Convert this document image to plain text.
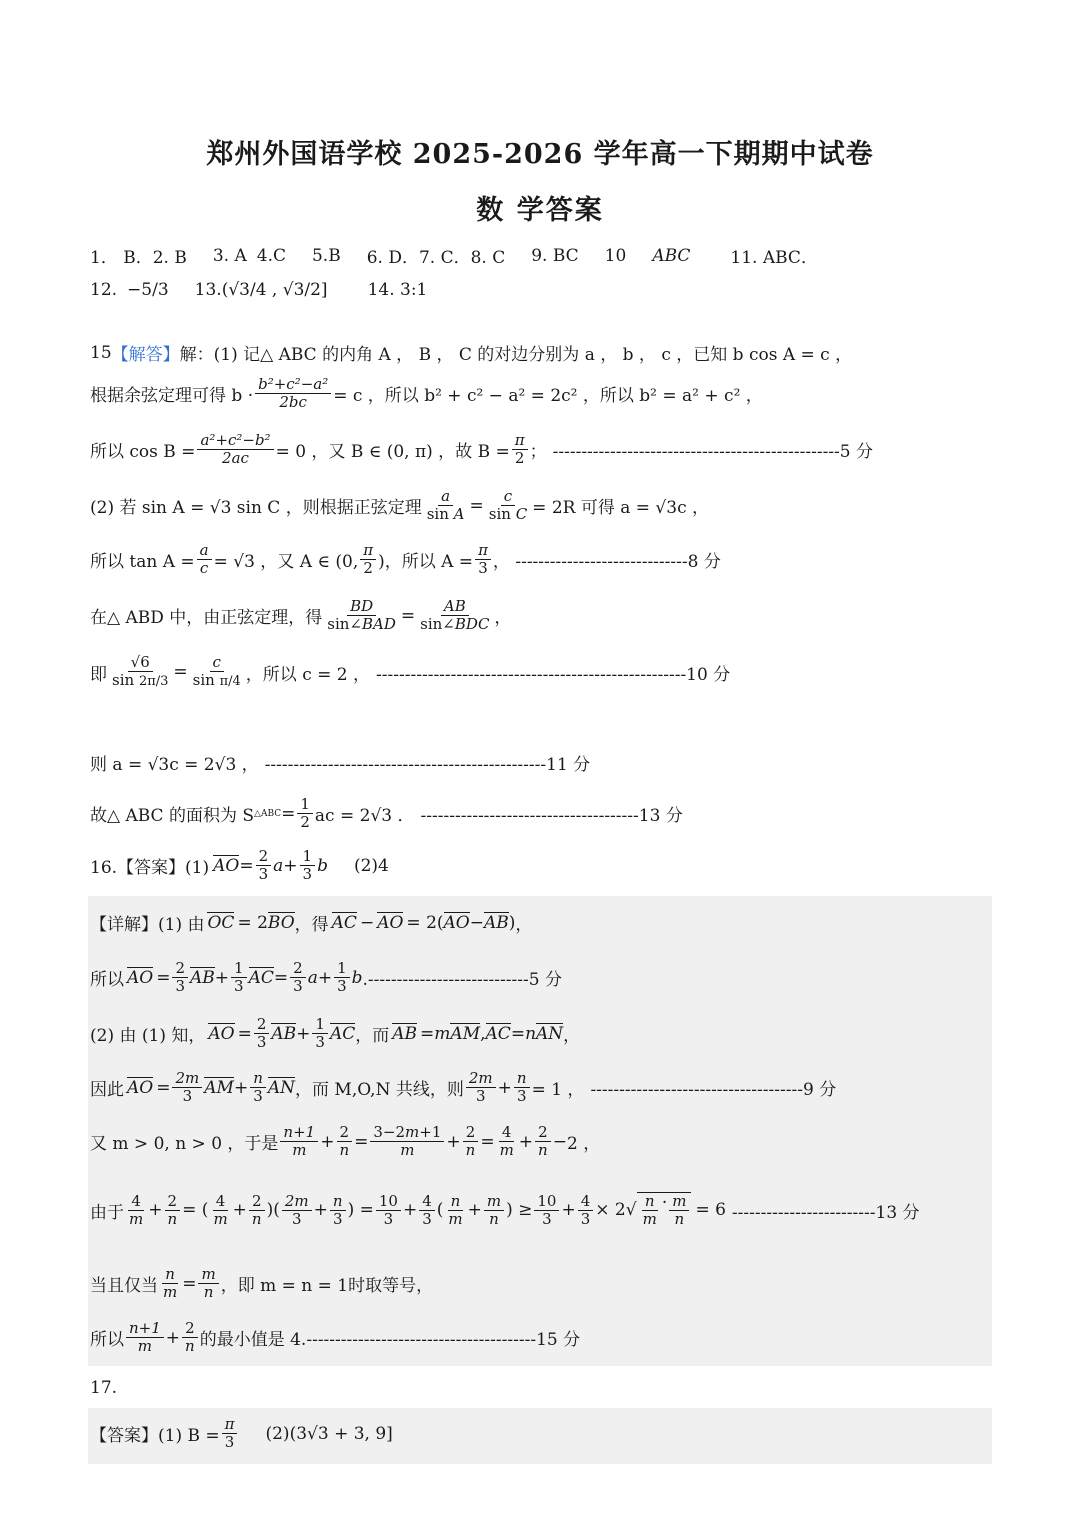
郑州外国语学校 2025-2026 学年高一下期期中试卷
数 学答案
1． B．2. B 3. A 4.C 5.B 6. D．7. C．8. C 9. BC 10 ABC 11. ABC．
12. −5/3 13. (√3/4 , √3/2] 14. 3:1
15 【解答】 解：(1) 记△ ABC 的内角 A ， B ， C 的对边分别为 a ， b ， c ，已知 b cos A = c ，
根据余弦定理可得 $b \cdot \frac{\text{b²+c²−a²}}{2bc} = c$ ，所以 b² + c² − a² = 2c² ，所以 b² = a² + c² ，
所以 $\cos B = \frac{\text{a²+c²−b²}}{2ac} = 0$ ，又 B ∈ (0, π) ，故 $B = \frac{\pi}{2}$ ； --------------------------------------------------5 分
(2) 若 sin A = √3 sin C ，则根据正弦定理 $\frac{a}{\text{sin A}} = \frac{c}{\text{sin C}} = 2R$ 可得 a = √3c ，
所以 $\tan A = \frac{a}{c} = √3$ ，又 A ∈ (0, $\frac{\pi}{2}$ )，所以 $A = \frac{\pi}{3}$ ， ------------------------------8 分
在△ ABD 中，由正弦定理，得 $\frac{BD}{\text{sin∠BAD}} = \frac{AB}{\text{sin∠BDC}}$ ，
即 $\frac{√6}{\sin 2\pi/3} = \frac{c}{\text{sin π/4}}$ ，所以 c = 2 ， ------------------------------------------------------10 分
则 a = √3c = 2√3 ， -------------------------------------------------11 分
故△ ABC 的面积为 S △ABC = $\frac{1}{2}$ ac = 2√3 ． --------------------------------------13 分
16.【答案】(1) AO = $\frac{2}{3}$ $a + \frac{1}{3}$ b (2)4
【详解】(1) 由 OC = 2 BO ，得 AC − AO = 2( AO − AB ) ，
所以 AO = $\frac{2}{3}$ AB + $\frac{1}{3}$ AC = $\frac{2}{3}$ $a + \frac{1}{3}$ b .----------------------------5 分
(2) 由 (1) 知， AO = $\frac{2}{3}$ AB + $\frac{1}{3}$ AC ，而 AB = m AM , AC = n AN ，
因此 AO = $\frac{2m}{3}$ AM + $\frac{n}{3}$ AN ，而 M,O,N 共线，则 $\frac{2m}{3} + \frac{n}{3} = 1$ ， -------------------------------------9 分
又 m > 0, n > 0 ，于是 $\frac{n+1}{m} + \frac{2}{n} = \frac{3-2m+1}{m} + \frac{2}{n} = \frac{4}{m} + \frac{2}{n} - 2$ ，
由于 $\frac{4}{m} + \frac{2}{n}$ = ( $\frac{4}{m} + \frac{2}{n}$ )( $\frac{2m}{3} + \frac{n}{3}$ ) = $\frac{10}{3} + \frac{4}{3}$ ( $\frac{n}{m} + \frac{m}{n}$ ) ≥ $\frac{10}{3} + \frac{4}{3} \times 2$ √ $\frac{n}{m} \cdot \frac{m}{n} = 6$ -------------------------13 分
当且仅当 $\frac{n}{m} = \frac{m}{n}$ ，即 m = n = 1时取等号，
所以 $\frac{n+1}{m} + \frac{2}{n}$ 的最小值是 4. ----------------------------------------15 分
17.
【答案】(1) $B = \frac{\pi}{3} (2) (3√3 + 3$, 9]
